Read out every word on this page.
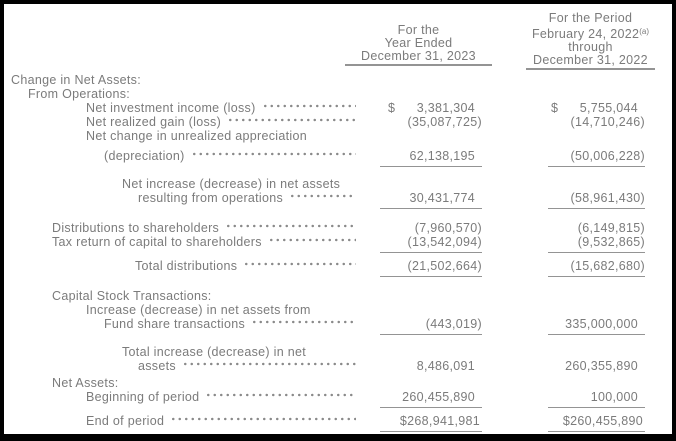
For the
Year Ended
December 31, 2023
For the Period
February 24, 2022$^{(a)}$
through
December 31, 2022
Change in Net Assets:
From Operations:
Net investment income (loss)	$ 3,381,304	$ 5,755,044
Net realized gain (loss)	(35,087,725)	(14,710,246)
Net change in unrealized appreciation
(depreciation)	62,138,195	(50,006,228)
Net increase (decrease) in net assets
resulting from operations	30,431,774	(58,961,430)
Distributions to shareholders	(7,960,570)	(6,149,815)
Tax return of capital to shareholders	(13,542,094)	(9,532,865)
Total distributions	(21,502,664)	(15,682,680)
Capital Stock Transactions:
Increase (decrease) in net assets from
Fund share transactions	(443,019)	335,000,000
Total increase (decrease) in net
assets	8,486,091	260,355,890
Net Assets:
Beginning of period	260,455,890	100,000
End of period	$268,941,981	$260,455,890
